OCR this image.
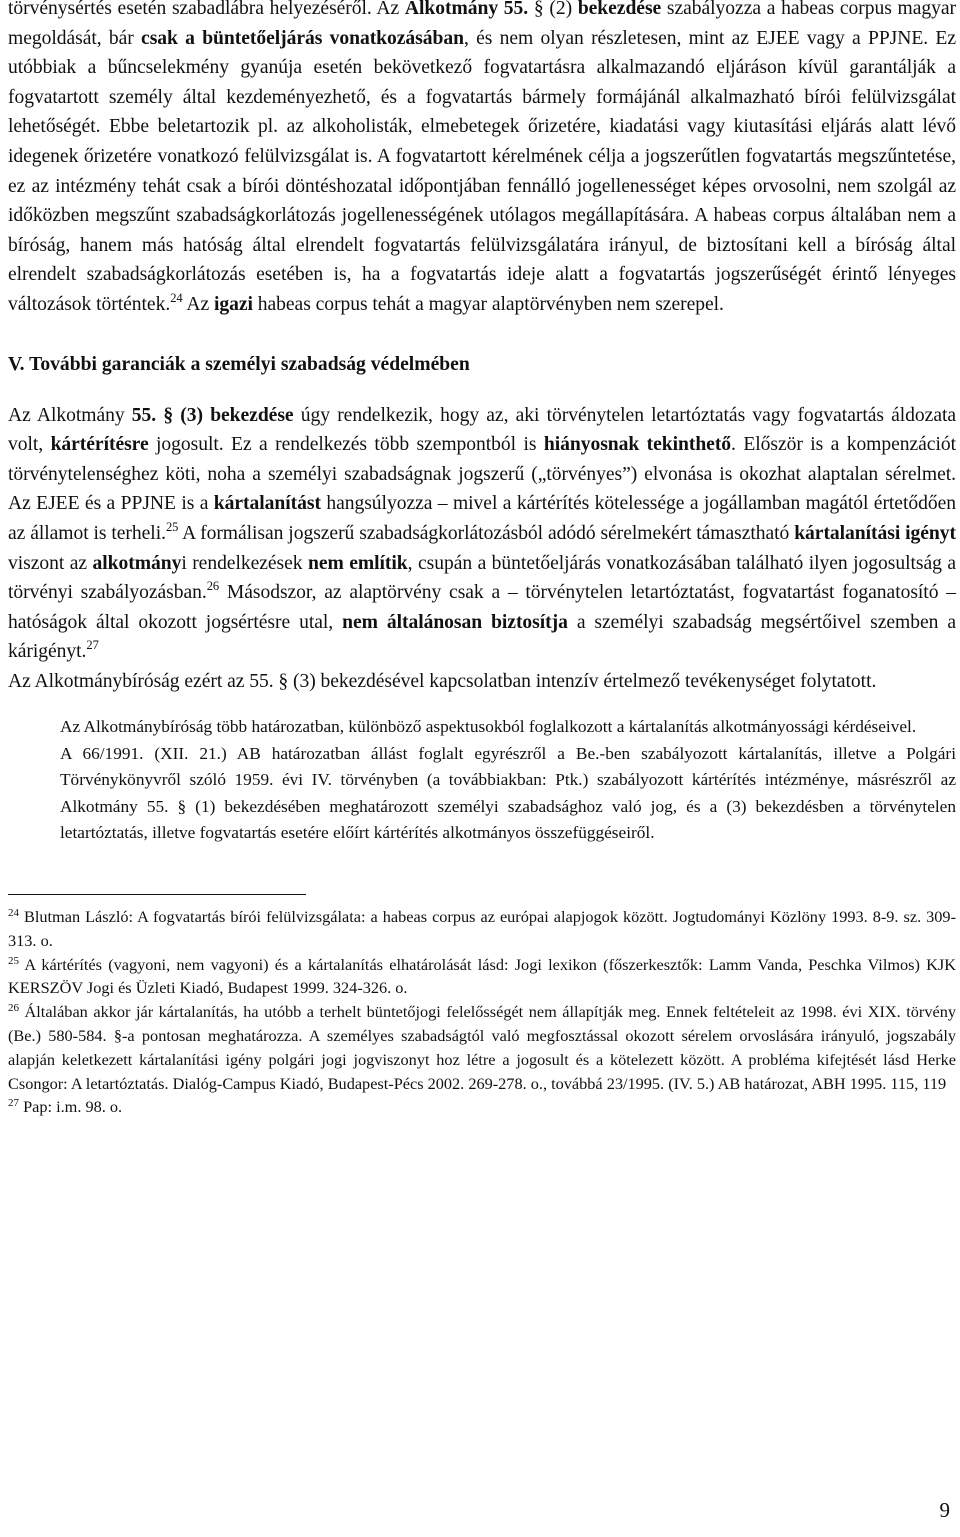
törvénysértés esetén szabadlábra helyezéséről. Az Alkotmány 55. § (2) bekezdése szabályozza a habeas corpus magyar megoldását, bár csak a büntetőeljárás vonatkozásában, és nem olyan részletesen, mint az EJEE vagy a PPJNE. Ez utóbbiak a bűncselekmény gyanúja esetén bekövetkező fogvatartásra alkalmazandó eljáráson kívül garantálják a fogvatartott személy által kezdeményezhető, és a fogvatartás bármely formájánál alkalmazható bírói felülvizsgálat lehetőségét. Ebbe beletartozik pl. az alkoholisták, elmebetegek őrizetére, kiadatási vagy kiutasítási eljárás alatt lévő idegenek őrizetére vonatkozó felülvizsgálat is. A fogvatartott kérelmének célja a jogszerűtlen fogvatartás megszűntetése, ez az intézmény tehát csak a bírói döntéshozatal időpontjában fennálló jogellenességet képes orvosolni, nem szolgál az időközben megszűnt szabadságkorlátozás jogellenességének utólagos megállapítására. A habeas corpus általában nem a bíróság, hanem más hatóság által elrendelt fogvatartás felülvizsgálatára irányul, de biztosítani kell a bíróság által elrendelt szabadságkorlátozás esetében is, ha a fogvatartás ideje alatt a fogvatartás jogszerűségét érintő lényeges változások történtek.$^{24}$ Az igazi habeas corpus tehát a magyar alaptörvényben nem szerepel.

V. További garanciák a személyi szabadság védelmében

Az Alkotmány 55. § (3) bekezdése úgy rendelkezik, hogy az, aki törvénytelen letartóztatás vagy fogvatartás áldozata volt, kártérítésre jogosult. Ez a rendelkezés több szempontból is hiányosnak tekinthető. Először is a kompenzációt törvénytelenséghez köti, noha a személyi szabadságnak jogszerű („törvényes”) elvonása is okozhat alaptalan sérelmet. Az EJEE és a PPJNE is a kártalanítást hangsúlyozza – mivel a kártérítés kötelessége a jogállamban magától értetődően az államot is terheli.$^{25}$ A formálisan jogszerű szabadságkorlátozásból adódó sérelmekért támasztható kártalanítási igényt viszont az alkotmányi rendelkezések nem említik, csupán a büntetőeljárás vonatkozásában található ilyen jogosultság a törvényi szabályozásban.$^{26}$ Másodszor, az alaptörvény csak a – törvénytelen letartóztatást, fogvatartást foganatosító – hatóságok által okozott jogsértésre utal, nem általánosan biztosítja a személyi szabadság megsértőivel szemben a kárigényt.$^{27}$
Az Alkotmánybíróság ezért az 55. § (3) bekezdésével kapcsolatban intenzív értelmező tevékenységet folytatott.

Az Alkotmánybíróság több határozatban, különböző aspektusokból foglalkozott a kártalanítás alkotmányossági kérdéseivel.

A 66/1991. (XII. 21.) AB határozatban állást foglalt egyrészről a Be.-ben szabályozott kártalanítás, illetve a Polgári Törvénykönyvről szóló 1959. évi IV. törvényben (a továbbiakban: Ptk.) szabályozott kártérítés intézménye, másrészről az Alkotmány 55. § (1) bekezdésében meghatározott személyi szabadsághoz való jog, és a (3) bekezdésben a törvénytelen letartóztatás, illetve fogvatartás esetére előírt kártérítés alkotmányos összefüggéseiről.

$^{24}$ Blutman László: A fogvatartás bírói felülvizsgálata: a habeas corpus az európai alapjogok között. Jogtudományi Közlöny 1993. 8-9. sz. 309-313. o.

$^{25}$ A kártérítés (vagyoni, nem vagyoni) és a kártalanítás elhatárolását lásd: Jogi lexikon (főszerkesztők: Lamm Vanda, Peschka Vilmos) KJK KERSZÖV Jogi és Üzleti Kiadó, Budapest 1999. 324-326. o.

$^{26}$ Általában akkor jár kártalanítás, ha utóbb a terhelt büntetőjogi felelősségét nem állapítják meg. Ennek feltételeit az 1998. évi XIX. törvény (Be.) 580-584. §-a pontosan meghatározza. A személyes szabadságtól való megfosztással okozott sérelem orvoslására irányuló, jogszabály alapján keletkezett kártalanítási igény polgári jogi jogviszonyt hoz létre a jogosult és a kötelezett között. A probléma kifejtését lásd Herke Csongor: A letartóztatás. Dialóg-Campus Kiadó, Budapest-Pécs 2002. 269-278. o., továbbá 23/1995. (IV. 5.) AB határozat, ABH 1995. 115, 119

$^{27}$ Pap: i.m. 98. o.

9
